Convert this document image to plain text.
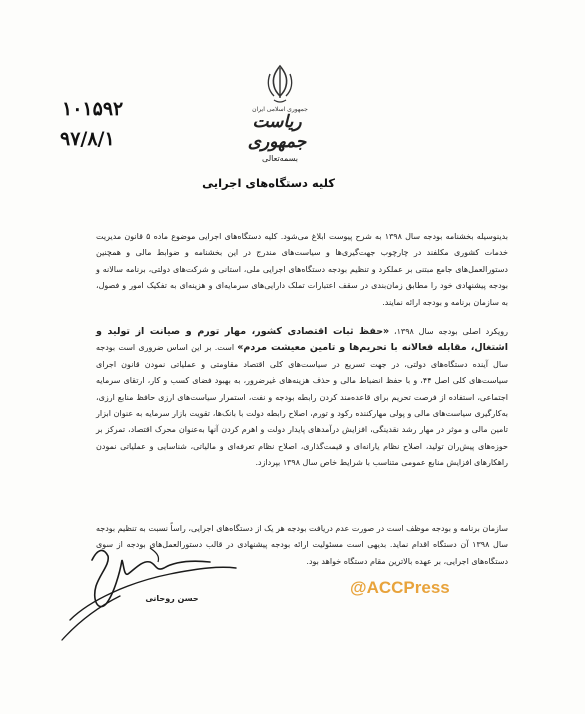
جمهوری اسلامی ایران
ریاست جمهوری
۱۰۱۵۹۲
۹۷/۸/۱
بسمه‌تعالی
کلیه دستگاه‌های اجرایی

بدینوسیله بخشنامه بودجه سال ۱۳۹۸ به شرح پیوست ابلاغ می‌شود. کلیه دستگاه‌های اجرایی موضوع ماده ۵ قانون مدیریت خدمات کشوری مکلفند در چارچوب جهت‌گیری‌ها و سیاست‌های مندرج در این بخشنامه و ضوابط مالی و همچنین دستورالعمل‌های جامع مبتنی بر عملکرد و تنظیم بودجه دستگاه‌های اجرایی ملی، استانی و شرکت‌های دولتی، برنامه سالانه و بودجه پیشنهادی خود را مطابق زمان‌بندی در سقف اعتبارات تملک دارایی‌های سرمایه‌ای و هزینه‌ای به تفکیک امور و فصول، به سازمان برنامه و بودجه ارائه نمایند.

رویکرد اصلی بودجه سال ۱۳۹۸، «حفظ ثبات اقتصادی کشور، مهار تورم و صیانت از تولید و اشتغال، مقابله فعالانه با تحریم‌ها و تامین معیشت مردم» است. بر این اساس ضروری است بودجه سال آینده دستگاه‌های دولتی، در جهت تسریع در سیاست‌های کلی اقتصاد مقاومتی و عملیاتی نمودن قانون اجرای سیاست‌های کلی اصل ۴۴، و با حفظ انضباط مالی و حذف هزینه‌های غیرضرور، به بهبود فضای کسب و کار، ارتقای سرمایه اجتماعی، استفاده از فرصت تحریم برای قاعده‌مند کردن رابطه بودجه و نفت، استمرار سیاست‌های ارزی حافظ منابع ارزی، به‌کارگیری سیاست‌های مالی و پولی مهارکننده رکود و تورم، اصلاح رابطه دولت با بانک‌ها، تقویت بازار سرمایه به عنوان ابزار تامین مالی و موثر در مهار رشد نقدینگی، افزایش درآمدهای پایدار دولت و اهرم کردن آنها به‌عنوان محرک اقتصاد، تمرکز بر حوزه‌های پیش‌ران تولید، اصلاح نظام یارانه‌ای و قیمت‌گذاری، اصلاح نظام تعرفه‌ای و مالیاتی، شناسایی و عملیاتی نمودن راهکارهای افزایش منابع عمومی متناسب با شرایط خاص سال ۱۳۹۸ بپردازد.

سازمان برنامه و بودجه موظف است در صورت عدم دریافت بودجه هر یک از دستگاه‌های اجرایی، راساً نسبت به تنظیم بودجه سال ۱۳۹۸ آن دستگاه اقدام نماید. بدیهی است مسئولیت ارائه بودجه پیشنهادی در قالب دستورالعمل‌های بودجه از سوی دستگاه‌های اجرایی، بر عهده بالاترین مقام دستگاه خواهد بود.

حسن روحانی
@ACCPress
